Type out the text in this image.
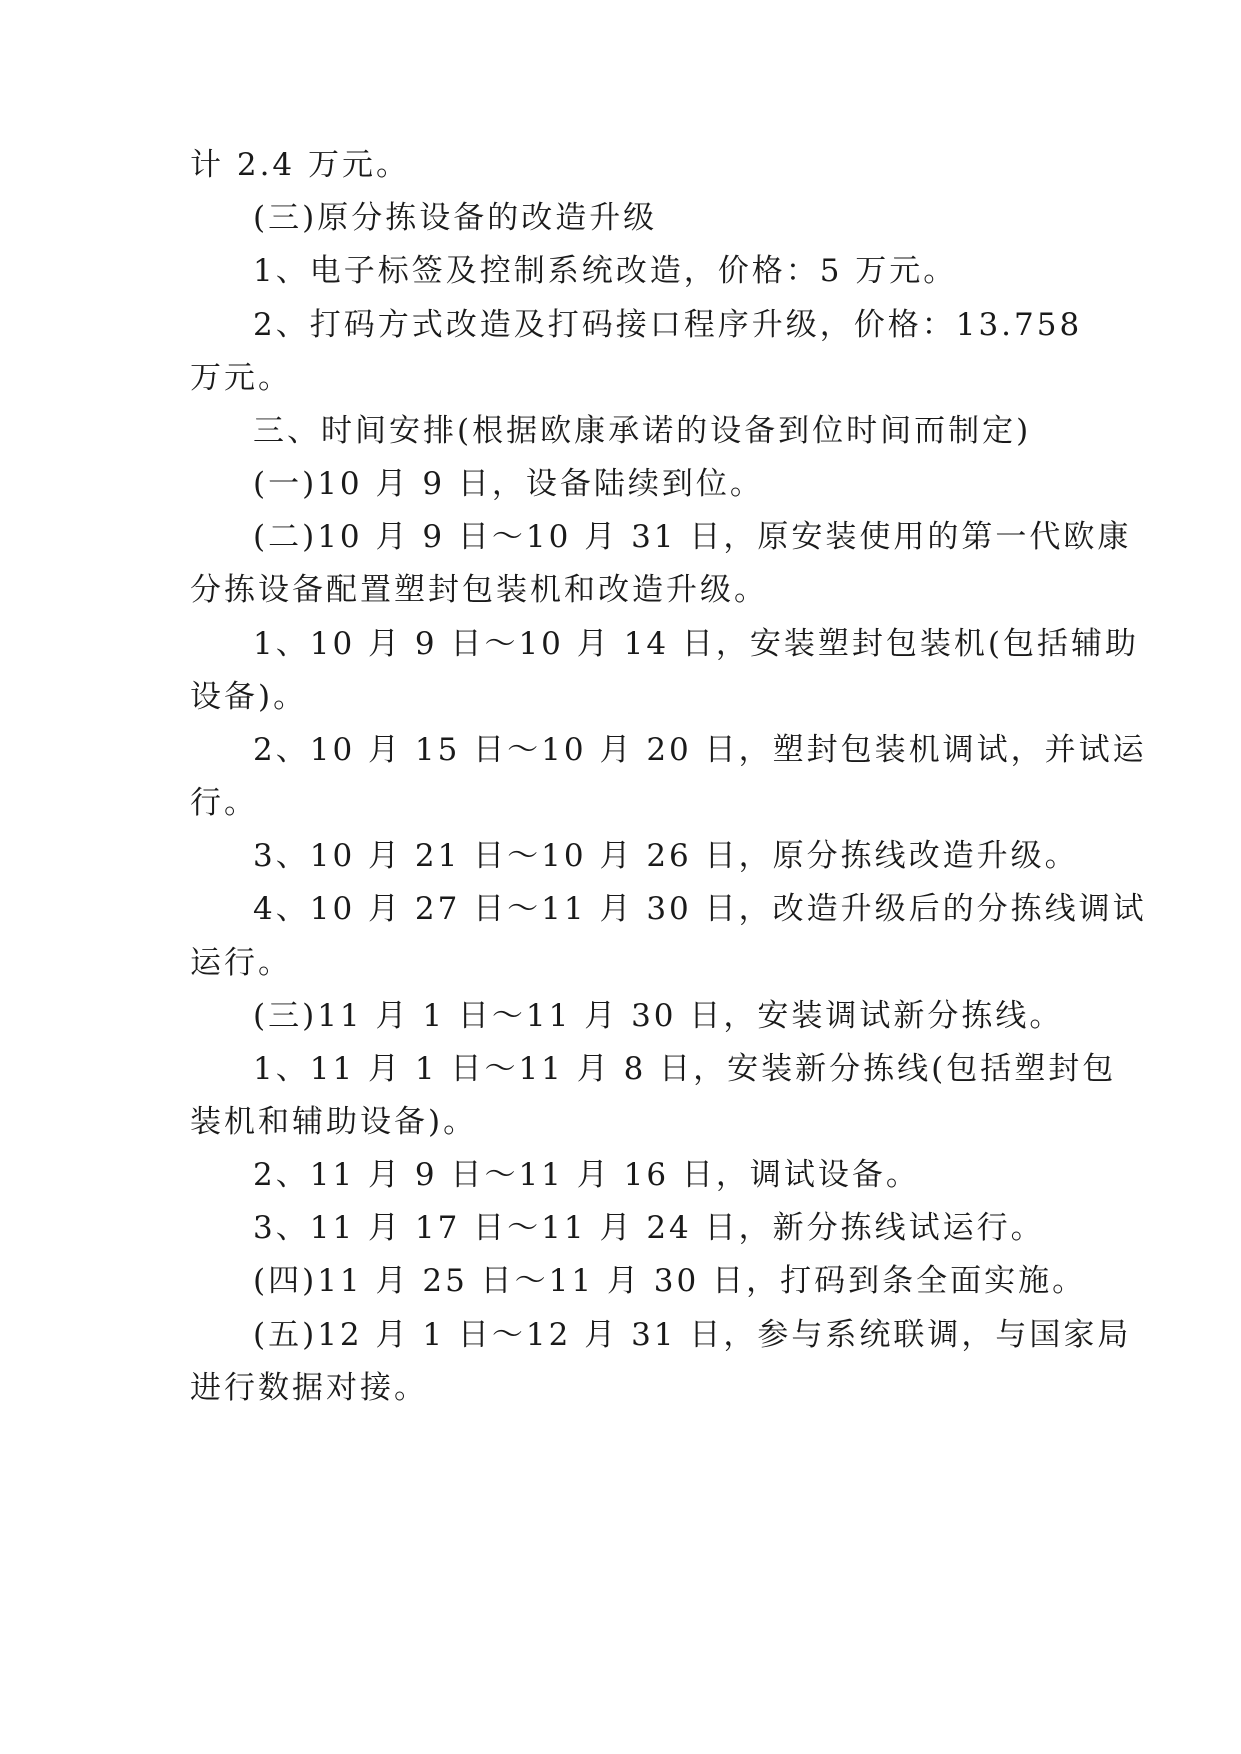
计 2.4 万元。

(三)原分拣设备的改造升级

1、电子标签及控制系统改造，价格：5 万元。

2、打码方式改造及打码接口程序升级，价格：13.758

万元。

三、时间安排(根据欧康承诺的设备到位时间而制定)

(一)10 月 9 日，设备陆续到位。

(二)10 月 9 日～10 月 31 日，原安装使用的第一代欧康

分拣设备配置塑封包装机和改造升级。

1、10 月 9 日～10 月 14 日，安装塑封包装机(包括辅助

设备)。

2、10 月 15 日～10 月 20 日，塑封包装机调试，并试运

行。

3、10 月 21 日～10 月 26 日，原分拣线改造升级。

4、10 月 27 日～11 月 30 日，改造升级后的分拣线调试

运行。

(三)11 月 1 日～11 月 30 日，安装调试新分拣线。

1、11 月 1 日～11 月 8 日，安装新分拣线(包括塑封包

装机和辅助设备)。

2、11 月 9 日～11 月 16 日，调试设备。

3、11 月 17 日～11 月 24 日，新分拣线试运行。

(四)11 月 25 日～11 月 30 日，打码到条全面实施。

(五)12 月 1 日～12 月 31 日，参与系统联调，与国家局

进行数据对接。
